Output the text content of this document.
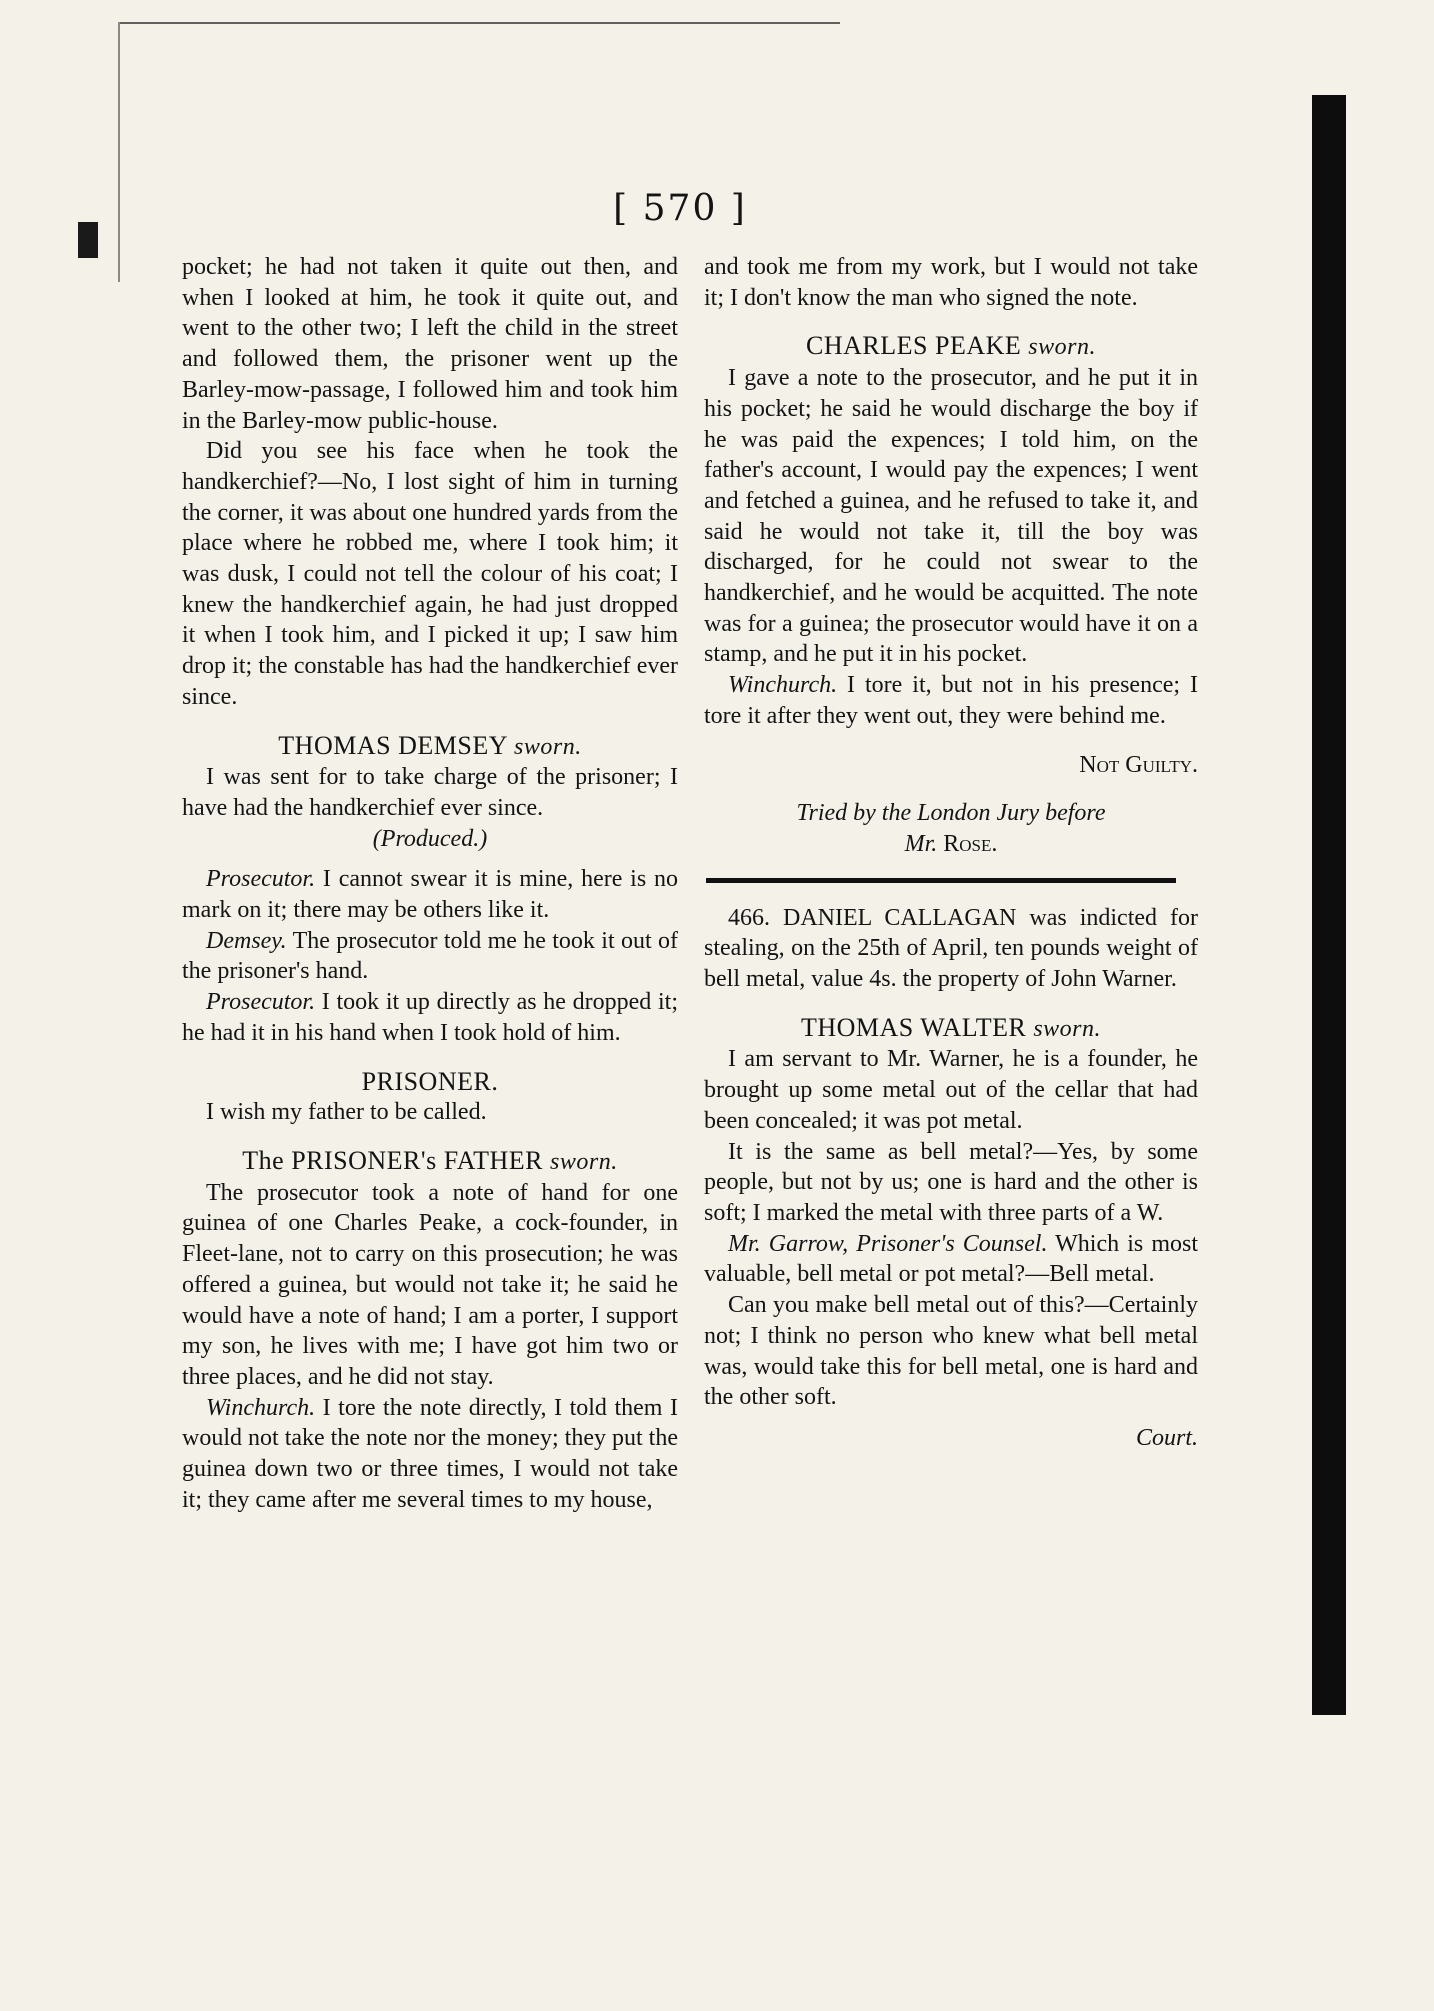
[ 570 ]

pocket; he had not taken it quite out then, and when I looked at him, he took it quite out, and went to the other two; I left the child in the street and followed them, the prisoner went up the Barley-mow-passage, I followed him and took him in the Barley-mow public-house.

Did you see his face when he took the handkerchief?—No, I lost sight of him in turning the corner, it was about one hundred yards from the place where he robbed me, where I took him; it was dusk, I could not tell the colour of his coat; I knew the handkerchief again, he had just dropped it when I took him, and I picked it up; I saw him drop it; the constable has had the handkerchief ever since.

THOMAS DEMSEY sworn.

I was sent for to take charge of the prisoner; I have had the handkerchief ever since.

(Produced.)

Prosecutor. I cannot swear it is mine, here is no mark on it; there may be others like it.

Demsey. The prosecutor told me he took it out of the prisoner's hand.

Prosecutor. I took it up directly as he dropped it; he had it in his hand when I took hold of him.

PRISONER.

I wish my father to be called.

The PRISONER's FATHER sworn.

The prosecutor took a note of hand for one guinea of one Charles Peake, a cock-founder, in Fleet-lane, not to carry on this prosecution; he was offered a guinea, but would not take it; he said he would have a note of hand; I am a porter, I support my son, he lives with me; I have got him two or three places, and he did not stay.

Winchurch. I tore the note directly, I told them I would not take the note nor the money; they put the guinea down two or three times, I would not take it; they came after me several times to my house,

and took me from my work, but I would not take it; I don't know the man who signed the note.

CHARLES PEAKE sworn.

I gave a note to the prosecutor, and he put it in his pocket; he said he would discharge the boy if he was paid the expences; I told him, on the father's account, I would pay the expences; I went and fetched a guinea, and he refused to take it, and said he would not take it, till the boy was discharged, for he could not swear to the handkerchief, and he would be acquitted. The note was for a guinea; the prosecutor would have it on a stamp, and he put it in his pocket.

Winchurch. I tore it, but not in his presence; I tore it after they went out, they were behind me.

Not Guilty.

Tried by the London Jury before

Mr. Rose.

466. DANIEL CALLAGAN was indicted for stealing, on the 25th of April, ten pounds weight of bell metal, value 4s. the property of John Warner.

THOMAS WALTER sworn.

I am servant to Mr. Warner, he is a founder, he brought up some metal out of the cellar that had been concealed; it was pot metal.

It is the same as bell metal?—Yes, by some people, but not by us; one is hard and the other is soft; I marked the metal with three parts of a W.

Mr. Garrow, Prisoner's Counsel. Which is most valuable, bell metal or pot metal?—Bell metal.

Can you make bell metal out of this?—Certainly not; I think no person who knew what bell metal was, would take this for bell metal, one is hard and the other soft.

Court.
